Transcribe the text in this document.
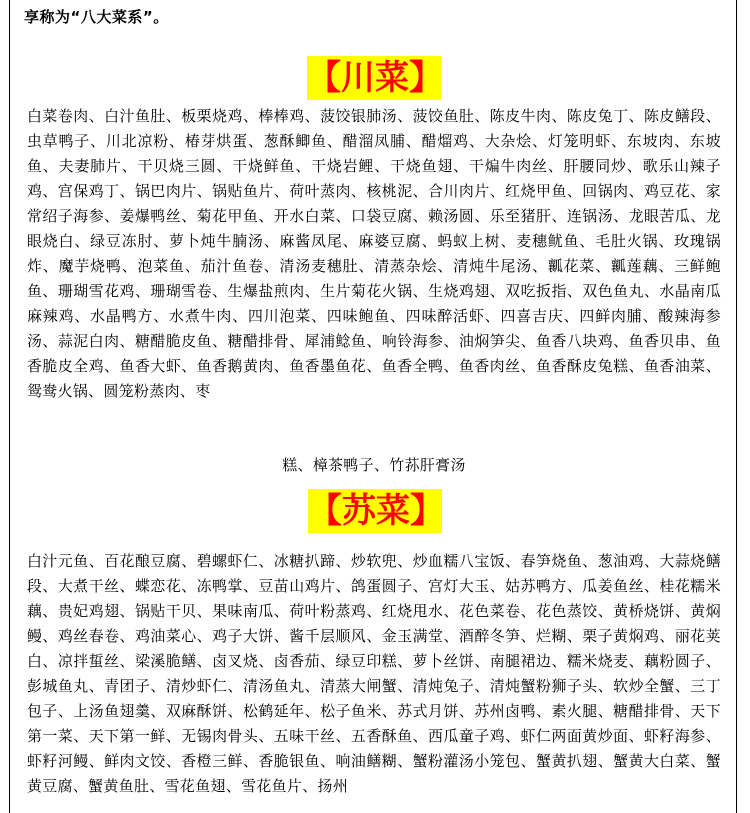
享称为“八大菜系”。
【川菜】
白菜卷肉、白汁鱼肚、板栗烧鸡、棒棒鸡、菠饺银肺汤、菠饺鱼肚、陈皮牛肉、陈皮兔丁、陈皮鳝段、虫草鸭子、川北凉粉、椿芽烘蛋、葱酥鲫鱼、醋溜凤脯、醋熘鸡、大杂烩、灯笼明虾、东坡肉、东坡鱼、夫妻肺片、干贝烧三圆、干烧鲜鱼、干烧岩鲤、干烧鱼翅、干煸牛肉丝、肝腰同炒、歌乐山辣子鸡、宫保鸡丁、锅巴肉片、锅贴鱼片、荷叶蒸肉、核桃泥、合川肉片、红烧甲鱼、回锅肉、鸡豆花、家常绍子海参、姜爆鸭丝、菊花甲鱼、开水白菜、口袋豆腐、赖汤圆、乐至猪肝、连锅汤、龙眼苦瓜、龙眼烧白、绿豆冻肘、萝卜炖牛腩汤、麻酱凤尾、麻婆豆腐、蚂蚁上树、麦穗鱿鱼、毛肚火锅、玫瑰锅炸、魔芋烧鸭、泡菜鱼、茄汁鱼卷、清汤麦穗肚、清蒸杂烩、清炖牛尾汤、瓤花菜、瓤莲藕、三鲜鲍鱼、珊瑚雪花鸡、珊瑚雪卷、生爆盐煎肉、生片菊花火锅、生烧鸡翅、双吃扳指、双色鱼丸、水晶南瓜麻辣鸡、水晶鸭方、水煮牛肉、四川泡菜、四味鲍鱼、四味醉活虾、四喜吉庆、四鲜肉脯、酸辣海参汤、蒜泥白肉、糖醋脆皮鱼、糖醋排骨、犀浦鲶鱼、响铃海参、油焖笋尖、鱼香八块鸡、鱼香贝串、鱼香脆皮全鸡、鱼香大虾、鱼香鹅黄肉、鱼香墨鱼花、鱼香全鸭、鱼香肉丝、鱼香酥皮兔糕、鱼香油菜、鸳鸯火锅、圆笼粉蒸肉、枣
糕、樟茶鸭子、竹荪肝膏汤
【苏菜】
白汁元鱼、百花酿豆腐、碧螺虾仁、冰糖扒蹄、炒软兜、炒血糯八宝饭、春笋烧鱼、葱油鸡、大蒜烧鳝段、大煮干丝、蝶恋花、冻鸭掌、豆苗山鸡片、鸽蛋圆子、宫灯大玉、姑苏鸭方、瓜姜鱼丝、桂花糯米藕、贵妃鸡翅、锅贴干贝、果味南瓜、荷叶粉蒸鸡、红烧甩水、花色菜卷、花色蒸饺、黄桥烧饼、黄焖鳗、鸡丝春卷、鸡油菜心、鸡子大饼、酱千层顺风、金玉满堂、酒醉冬笋、烂糊、栗子黄焖鸡、丽花荚白、凉拌蜇丝、梁溪脆鳝、卤叉烧、卤香茄、绿豆印糕、萝卜丝饼、南腿裙边、糯米烧麦、藕粉圆子、彭城鱼丸、青团子、清炒虾仁、清汤鱼丸、清蒸大闸蟹、清炖兔子、清炖蟹粉狮子头、软炒全蟹、三丁包子、上汤鱼翅羹、双麻酥饼、松鹤延年、松子鱼米、苏式月饼、苏州卤鸭、素火腿、糖醋排骨、天下第一菜、天下第一鲜、无锡肉骨头、五味干丝、五香酥鱼、西瓜童子鸡、虾仁两面黄炒面、虾籽海参、虾籽河鳗、鲜肉文饺、香橙三鲜、香脆银鱼、响油鳝糊、蟹粉灌汤小笼包、蟹黄扒翅、蟹黄大白菜、蟹黄豆腐、蟹黄鱼肚、雪花鱼翅、雪花鱼片、扬州
